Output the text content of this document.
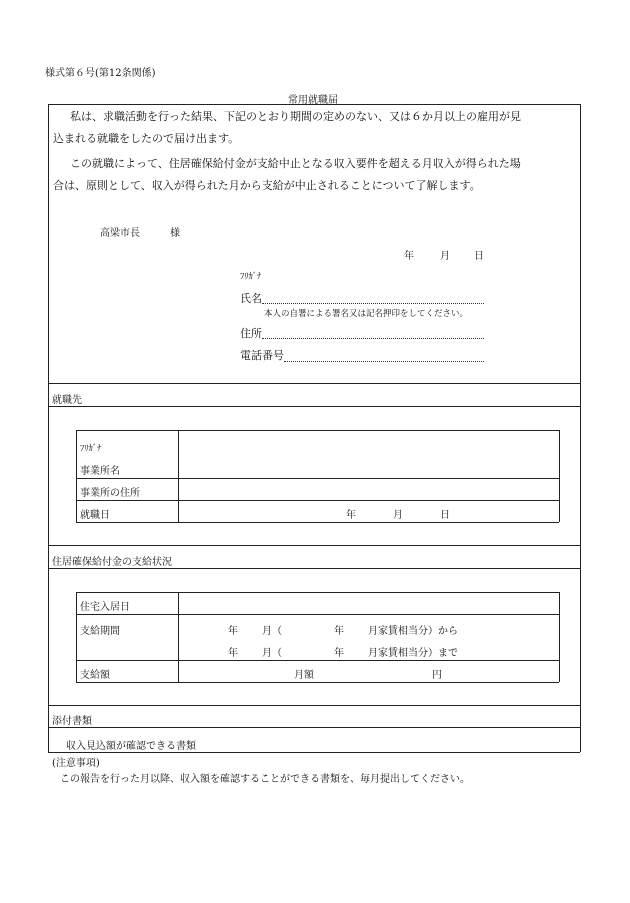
様式第６号(第12条関係)
常用就職届
私は、求職活動を行った結果、下記のとおり期間の定めのない、又は６か月以上の雇用が見
込まれる就職をしたので届け出ます。
この就職によって、住居確保給付金が支給中止となる収入要件を超える月収入が得られた場
合は、原則として、収入が得られた月から支給が中止されることについて了解します。
高梁市長	様
年	月 日
ﾌﾘｶﾞﾅ
氏名
本人の自署による署名又は記名押印をしてください。
住所
電話番号
就職先
ﾌﾘｶﾞﾅ
事業所名
事業所の住所
就職日	年	月	日
住居確保給付金の支給状況
住宅入居日
支給期間	年 月（	年 月家賃相当分）から
年 月（	年 月家賃相当分）まで
支給額	月額	円
添付書類
収入見込額が確認できる書類
(注意事項)
この報告を行った月以降、収入額を確認することができる書類を、毎月提出してください。
